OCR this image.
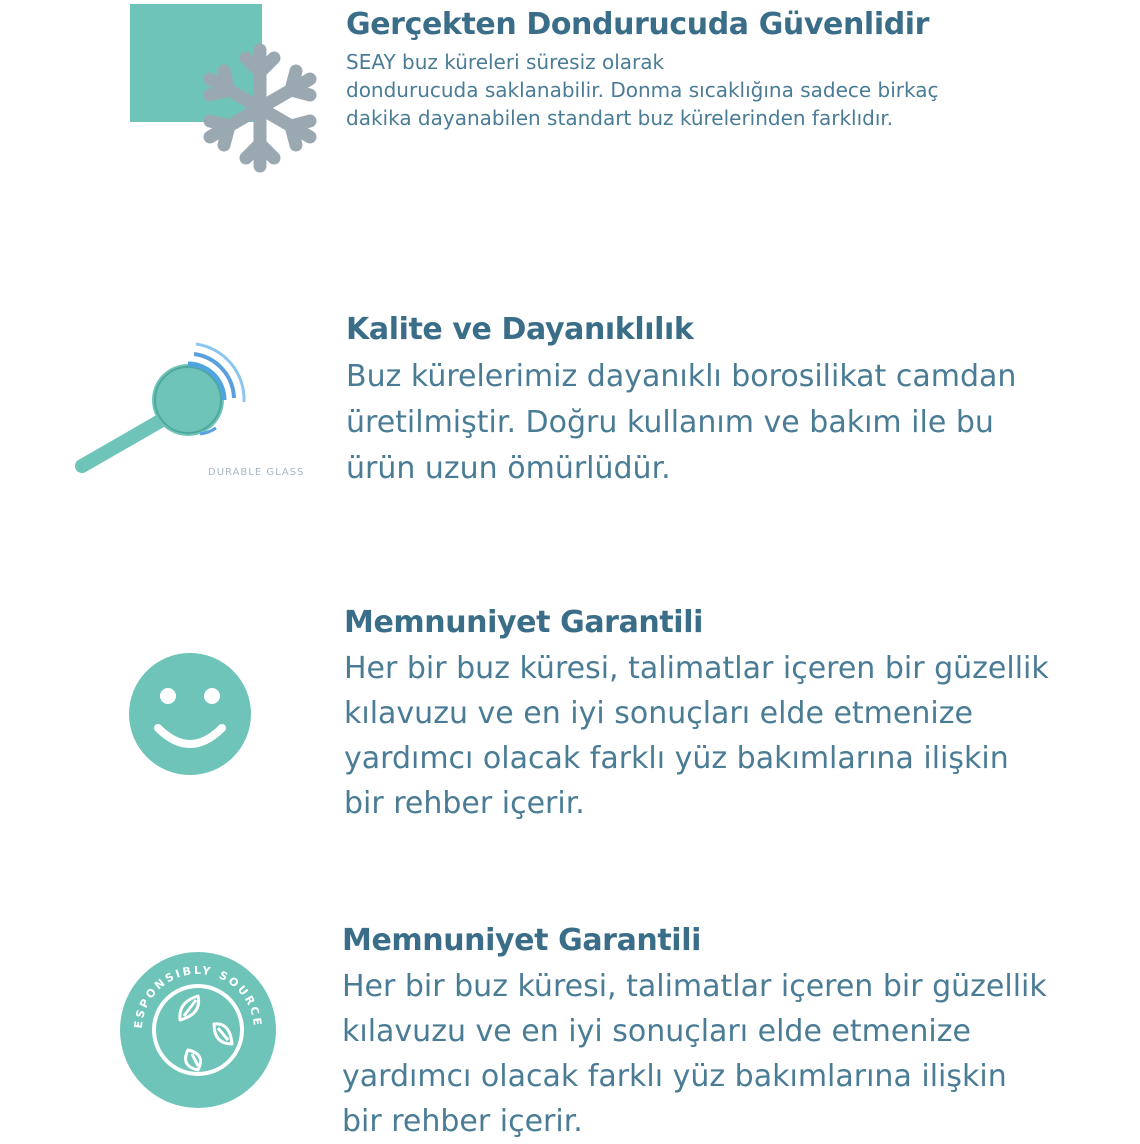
Gerçekten Dondurucuda Güvenlidir
SEAY buz küreleri süresiz olarak
dondurucuda saklanabilir. Donma sıcaklığına sadece birkaç
dakika dayanabilen standart buz kürelerinden farklıdır.
DURABLE GLASS
Kalite ve Dayanıklılık
Buz kürelerimiz dayanıklı borosilikat camdan
üretilmiştir. Doğru kullanım ve bakım ile bu
ürün uzun ömürlüdür.
Memnuniyet Garantili
Her bir buz küresi, talimatlar içeren bir güzellik
kılavuzu ve en iyi sonuçları elde etmenize
yardımcı olacak farklı yüz bakımlarına ilişkin
bir rehber içerir.
ESPONSIBLY SOURCE
Memnuniyet Garantili
Her bir buz küresi, talimatlar içeren bir güzellik
kılavuzu ve en iyi sonuçları elde etmenize
yardımcı olacak farklı yüz bakımlarına ilişkin
bir rehber içerir.
